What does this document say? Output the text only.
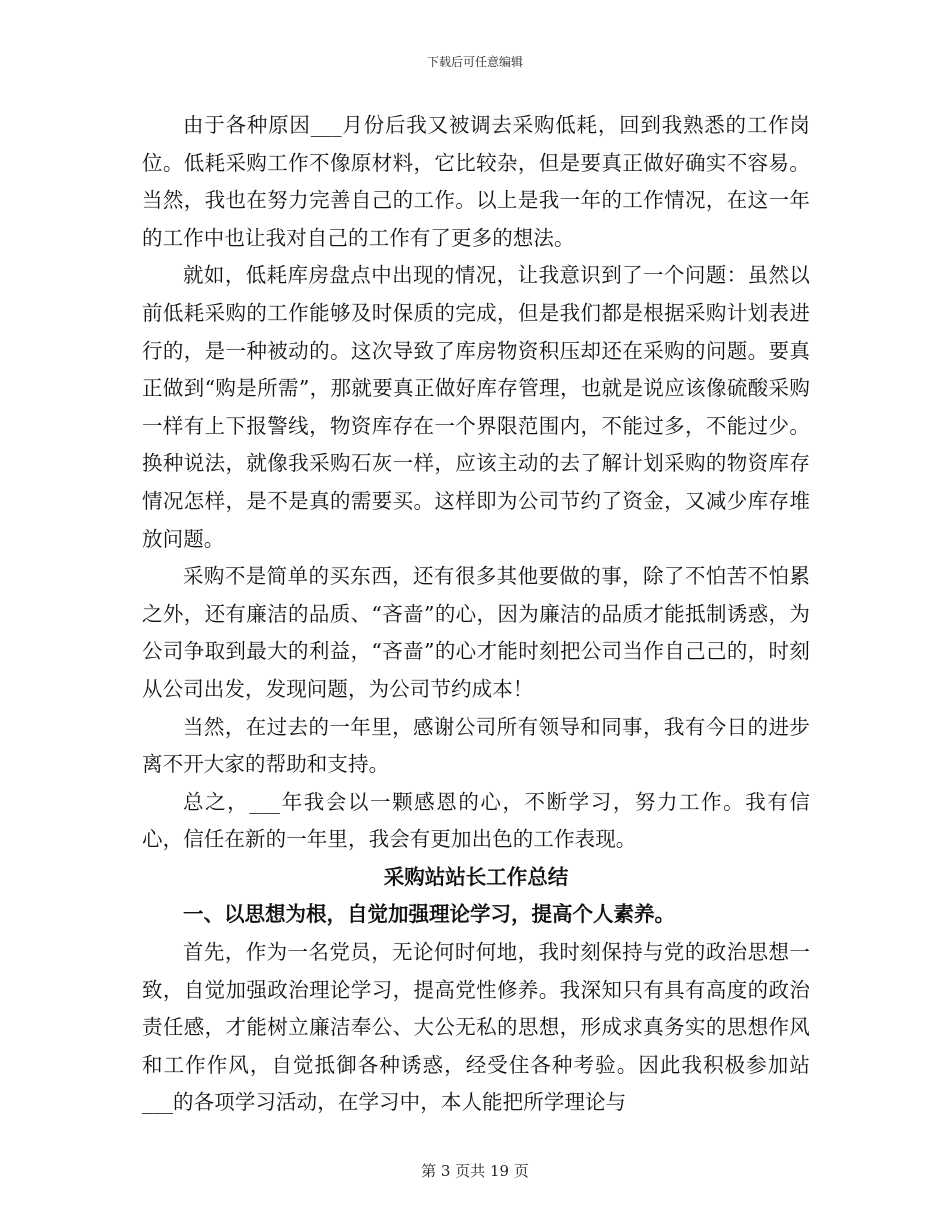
下载后可任意编辑

由于各种原因___月份后我又被调去采购低耗，回到我熟悉的工作岗位。低耗采购工作不像原材料，它比较杂，但是要真正做好确实不容易。当然，我也在努力完善自己的工作。以上是我一年的工作情况，在这一年的工作中也让我对自己的工作有了更多的想法。

就如，低耗库房盘点中出现的情况，让我意识到了一个问题：虽然以前低耗采购的工作能够及时保质的完成，但是我们都是根据采购计划表进行的，是一种被动的。这次导致了库房物资积压却还在采购的问题。要真正做到“购是所需”，那就要真正做好库存管理，也就是说应该像硫酸采购一样有上下报警线，物资库存在一个界限范围内，不能过多，不能过少。换种说法，就像我采购石灰一样，应该主动的去了解计划采购的物资库存情况怎样，是不是真的需要买。这样即为公司节约了资金，又减少库存堆放问题。

采购不是简单的买东西，还有很多其他要做的事，除了不怕苦不怕累之外，还有廉洁的品质、“吝啬”的心，因为廉洁的品质才能抵制诱惑，为公司争取到最大的利益，“吝啬”的心才能时刻把公司当作自己己的，时刻从公司出发，发现问题，为公司节约成本！

当然，在过去的一年里，感谢公司所有领导和同事，我有今日的进步离不开大家的帮助和支持。

总之，___年我会以一颗感恩的心，不断学习，努力工作。我有信心，信任在新的一年里，我会有更加出色的工作表现。

采购站站长工作总结

一、以思想为根，自觉加强理论学习，提高个人素养。

首先，作为一名党员，无论何时何地，我时刻保持与党的政治思想一致，自觉加强政治理论学习，提高党性修养。我深知只有具有高度的政治责任感，才能树立廉洁奉公、大公无私的思想，形成求真务实的思想作风和工作作风，自觉抵御各种诱惑，经受住各种考验。因此我积极参加站___的各项学习活动，在学习中，本人能把所学理论与

第 3 页共 19 页
